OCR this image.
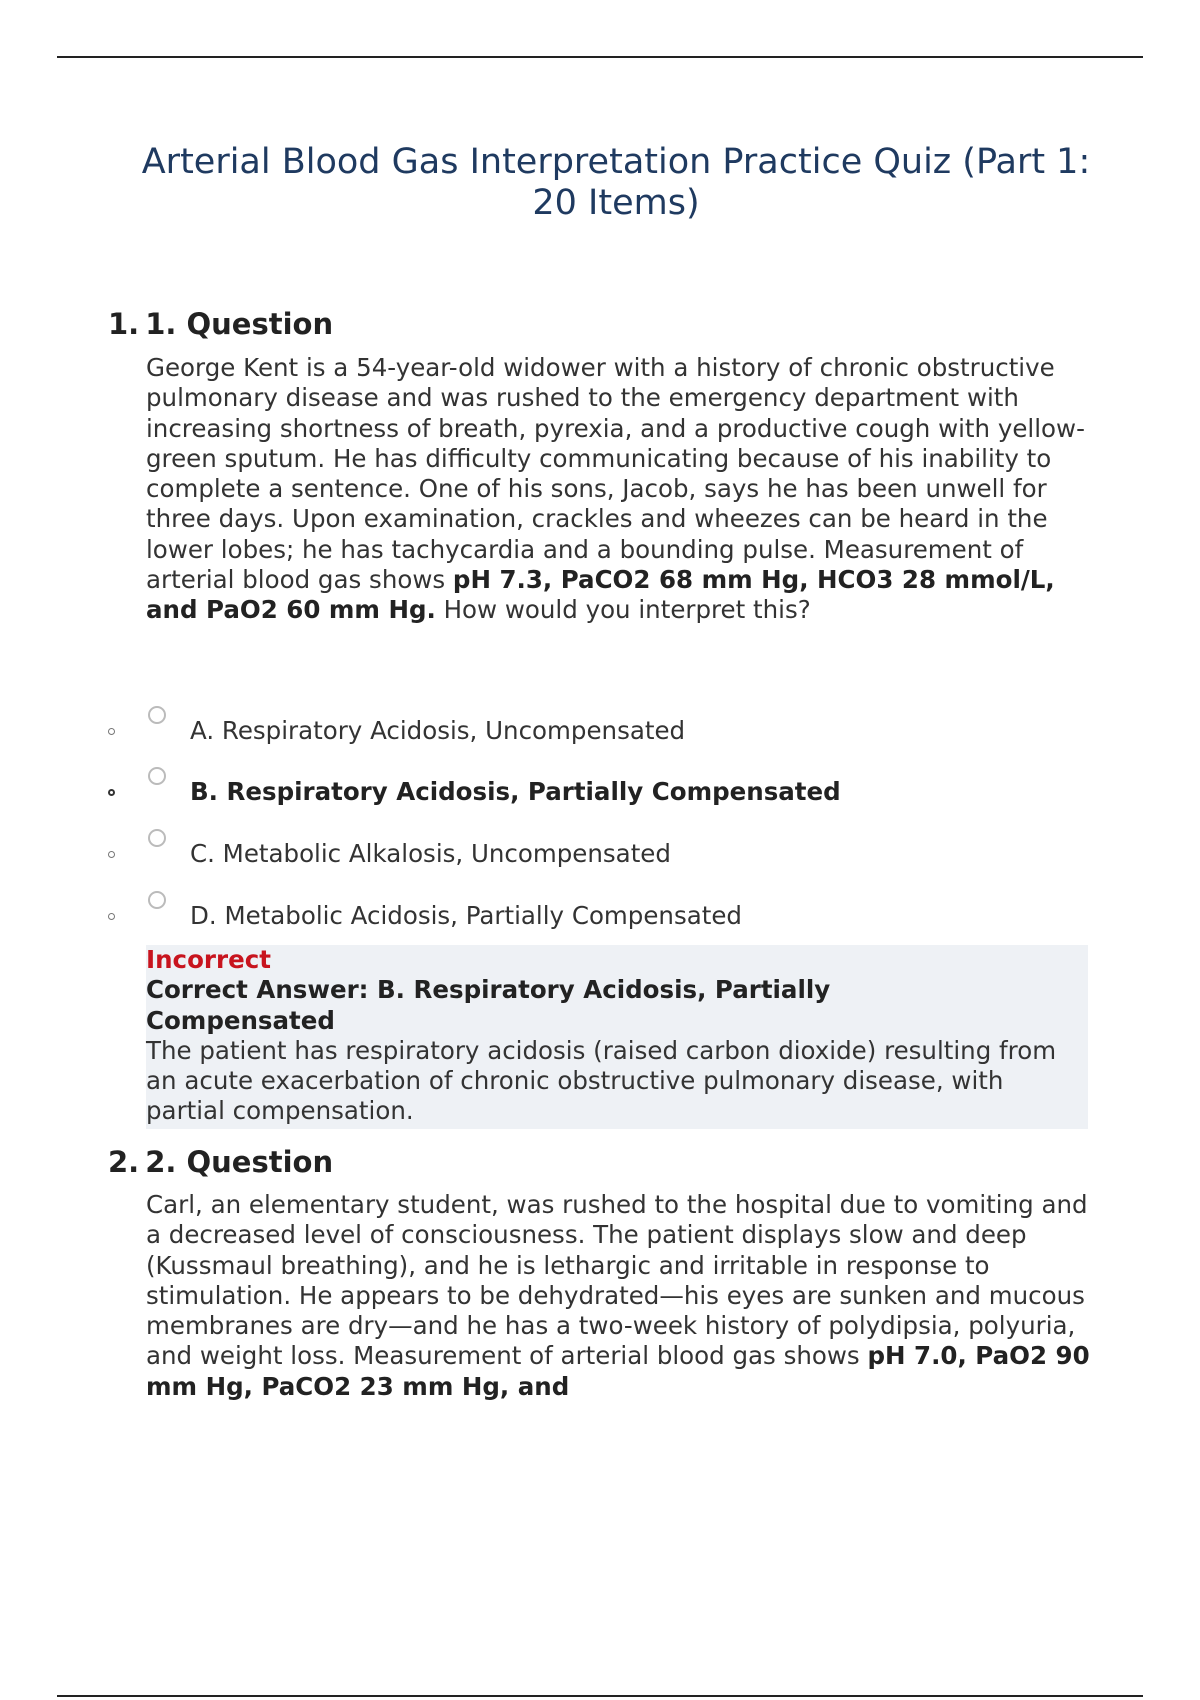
Arterial Blood Gas Interpretation Practice Quiz (Part 1: 20 Items)
1. 1. Question

George Kent is a 54-year-old widower with a history of chronic obstructive pulmonary disease and was rushed to the emergency department with increasing shortness of breath, pyrexia, and a productive cough with yellow-green sputum. He has difficulty communicating because of his inability to complete a sentence. One of his sons, Jacob, says he has been unwell for three days. Upon examination, crackles and wheezes can be heard in the lower lobes; he has tachycardia and a bounding pulse. Measurement of arterial blood gas shows pH 7.3, PaCO2 68 mm Hg, HCO3 28 mmol/L, and PaO2 60 mm Hg. How would you interpret this?

A. Respiratory Acidosis, Uncompensated
B. Respiratory Acidosis, Partially Compensated
C. Metabolic Alkalosis, Uncompensated
D. Metabolic Acidosis, Partially Compensated
Incorrect
Correct Answer: B. Respiratory Acidosis, Partially Compensated
The patient has respiratory acidosis (raised carbon dioxide) resulting from an acute exacerbation of chronic obstructive pulmonary disease, with partial compensation.
2. 2. Question

Carl, an elementary student, was rushed to the hospital due to vomiting and a decreased level of consciousness. The patient displays slow and deep (Kussmaul breathing), and he is lethargic and irritable in response to stimulation. He appears to be dehydrated—his eyes are sunken and mucous membranes are dry—and he has a two-week history of polydipsia, polyuria, and weight loss. Measurement of arterial blood gas shows pH 7.0, PaO2 90 mm Hg, PaCO2 23 mm Hg, and
